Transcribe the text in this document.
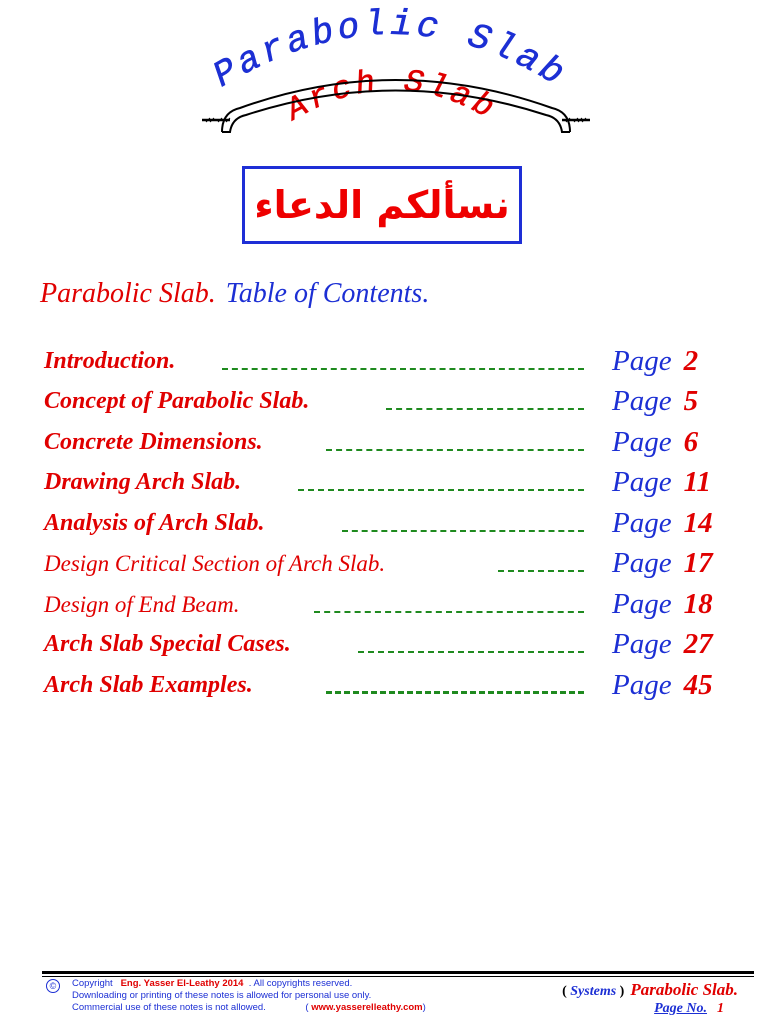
Parabolic Slab
Arch Slab
نسألكم الدعاء
Parabolic Slab. Table of Contents.
Introduction.	Page 2
Concept of Parabolic Slab.	Page 5
Concrete Dimensions.	Page 6
Drawing Arch Slab.	Page 11
Analysis of Arch Slab.	Page 14
Design Critical Section of Arch Slab.	Page 17
Design of End Beam.	Page 18
Arch Slab Special Cases.	Page 27
Arch Slab Examples.	Page 45
©	Copyright Eng. Yasser El-Leathy 2014 . All copyrights reserved.
Downloading or printing of these notes is allowed for personal use only.
Commercial use of these notes is not allowed.               ( www.yasserelleathy.com)
( Systems ) Parabolic Slab.
Page No. 1
